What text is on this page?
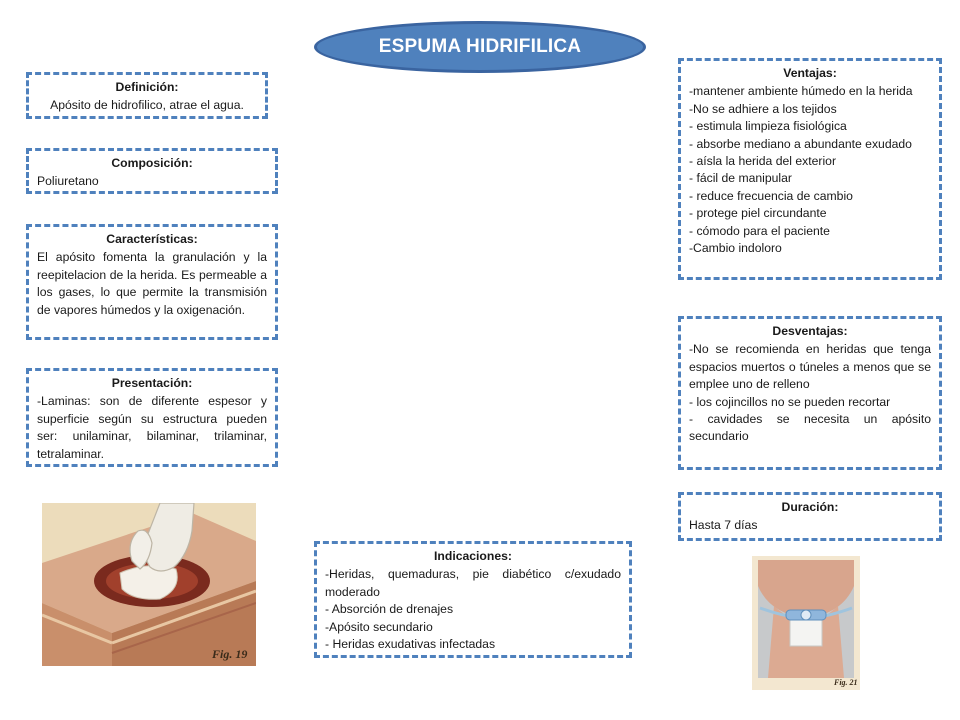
ESPUMA HIDRIFILICA
Definición:
Apósito de hidrofilico, atrae el agua.
Composición:
Poliuretano
Características:
El apósito fomenta la granulación y la reepitelacion de la herida. Es permeable a los gases, lo que permite la transmisión de vapores húmedos y la oxigenación.
Presentación:
-Laminas: son de diferente espesor y superficie según su estructura pueden ser: unilaminar, bilaminar, trilaminar, tetralaminar.
Ventajas:
-mantener ambiente húmedo en la herida
-No se adhiere a los tejidos
- estimula limpieza fisiológica
- absorbe mediano a abundante exudado
- aísla la herida del exterior
- fácil de manipular
- reduce frecuencia de cambio
- protege piel circundante
- cómodo para el paciente
-Cambio indoloro
Desventajas:
-No se recomienda en heridas que tenga espacios muertos o túneles a menos que se emplee uno de relleno
- los cojincillos no se pueden recortar
- cavidades se necesita un apósito secundario
Duración:
Hasta 7 días
Indicaciones:
-Heridas, quemaduras, pie diabético c/exudado moderado
- Absorción de drenajes
-Apósito secundario
- Heridas exudativas infectadas
Fig. 19
Fig. 21
